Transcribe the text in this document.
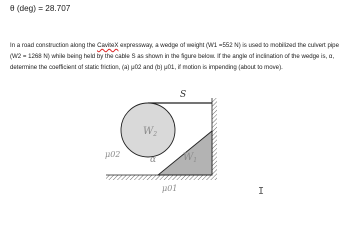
θ (deg) = 28.707

In a road construction along the CaviteX expressway, a wedge of weight (W1 =552 N) is used to mobilized the culvert pipe (W2 = 1268 N) while being held by the cable S as shown in the figure below. If the angle of inclination of the wedge is, α, determine the coefficient of static friction, (a) μ02 and (b) μ01, if motion is impending (about to move).

S
$W_2$
$W_1$
μ02
α
μ01	I
